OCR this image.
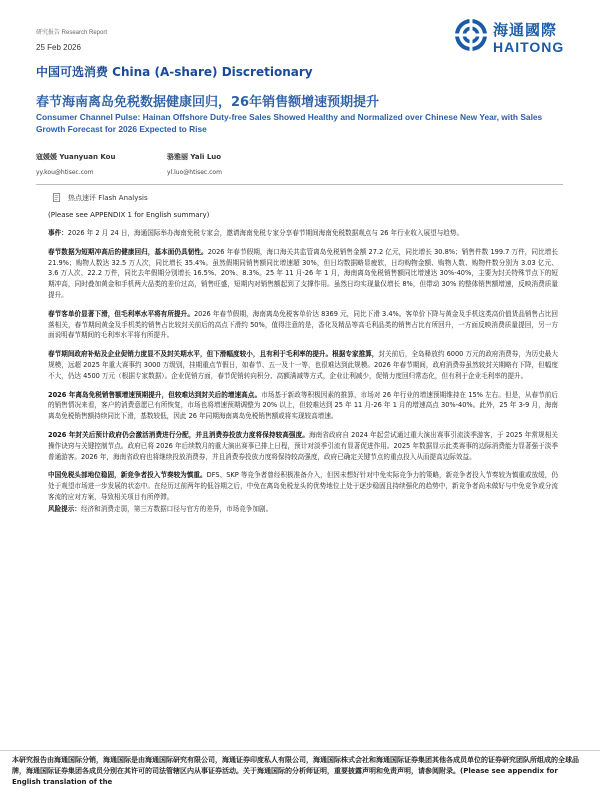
研究报告 Research Report
25 Feb 2026
海通國際
HAITONG
中国可选消费 China (A-share) Discretionary
春节海南离岛免税数据健康回归，26年销售额增速预期提升
Consumer Channel Pulse: Hainan Offshore Duty-free Sales Showed Healthy and Normalized over Chinese New Year, with Sales Growth Forecast for 2026 Expected to Rise
寇媛媛 Yuanyuan Kou
yy.kou@htisec.com
骆雅丽 Yali Luo
yl.luo@htisec.com
热点速评 Flash Analysis
(Please see APPENDIX 1 for English summary)

事件：2026 年 2 月 24 日，海通国际举办海南免税专家会，邀请海南免税专家分享春节期间海南免税数据观点与 26 年行业收入展望与趋势。

春节数据为短期冲高后的健康回归，基本面仍具韧性。2026 年春节假期，海口海关共监管离岛免税销售金额 27.2 亿元，同比增长 30.8%；销售件数 199.7 万件，同比增长 21.9%；购物人数达 32.5 万人次，同比增长 35.4%。虽然假期同销售额同比增速超 30%，但日均数据略显疲软，日均购物金额、购物人数、购物件数分别为 3.03 亿元、3.6 万人次、22.2 万件，同比去年假期分别增长 16.5%、20%、8.3%。25 年 11 月-26 年 1 月，海南离岛免税销售额同比增速达 30%-40%，主要为封关特殊节点下的短期冲高，同时叠加黄金和手机两大品类的差价过高，销售旺盛，短期内对销售额起到了支撑作用。虽然日均实现量仅增长 8%，但带动 30% 的整体销售额增速，反映消费质量提升。

春节客单价显著下滑，但毛利率水平将有所提升。2026 年春节假期，海南离岛免税客单价达 8369 元，同比下滑 3.4%。客单价下降与黄金及手机这类高价值货品销售占比回落相关，春节期间黄金及手机类的销售占比较封关前后的高点下滑约 50%，值得注意的是，香化及精品等高毛利品类的销售占比有所回升，一方面反映消费质量提回，另一方面说明春节期间的毛利率水平将有所提升。

春节期间政府补贴及企业促销力度显不及封关期水平，但下滑幅度较小，且有利于毛利率的提升。根据专家推算，封关前后，全岛释放约 6000 万元的政府消费券，为历史最大规模，远超 2025 年重大赛事约 3000 万级别，挂期重点节假日，如春节、五一及十一等，也很难达到此规模。2026 年春节期间，政府消费券虽然较封关期略有下降，但幅度不大，仍达 4500 万元（根据专家数据）。企业促销方面，春节促销转向积分、高额满减等方式，企业让利减少，促销力度回归常态化，但有利于企业毛利率的提升。

2026 年离岛免税销售额增速预期提升，但较难达到封关后的增速高点。市场基于新政等积极因素的推算，市场对 26 年行业的增速预期维持在 15% 左右。但是，从春节前后的销售情况来看，客户的消费意愿已有所恢复，市场也将增速预期调整为 20% 以上，但较难达到 25 年 11 月-26 年 1 月的增速高点 30%-40%。此外，25 年 3-9 月，海南离岛免税销售额持续同比下滑，基数较低，因此 26 年同期海南离岛免税销售额或将实现较高增速。

2026 年封关后预计政府仍会激活消费进行分配，并且消费券投放力度将保持较高强度。海南省政府自 2024 年起尝试通过重大演出赛事引流淡季游客，于 2025 年常规相关操作诀窍与关键控制节点。政府已将 2026 年后续数月的重大演出赛事已排上日程，预计对淡季引流有显著促进作用。2025 年数据显示此类赛事的边际消费能力显著强于淡季普通游客。2026 年，海南省政府也将继续投放消费券，并且消费券投放力度将保持较高强度，政府已确定关键节点的重点投入从而提高边际效益。

中国免税头部地位稳固，新竞争者投入节奏较为慎重。DFS、SKP 等竞争者曾经积极准备介入，但因未想好针对中免实际竞争力的策略，新竞争者投入节奏较为慎重或放缓，仍处于观望市场进一步发展的状态中。在经历过前两年的低谷期之后，中免在离岛免税龙头的优势地位上处于逐步稳固且持续强化的趋势中，新竞争者尚未做好与中免竞争或分流客流的应对方案，导致相关项目有所停滞。

风险提示：经济和消费走弱，第三方数据口径与官方的差异，市场竞争加剧。

本研究报告由海通国际分销，海通国际是由海通国际研究有限公司，海通证券印度私人有限公司，海通国际株式会社和海通国际证券集团其他各成员单位的证券研究团队所组成的全球品牌，海通国际证券集团各成员分别在其许可的司法管辖区内从事证券活动。关于海通国际的分析师证明，重要披露声明和免责声明，请参阅附录。(Please see appendix for English translation of the
